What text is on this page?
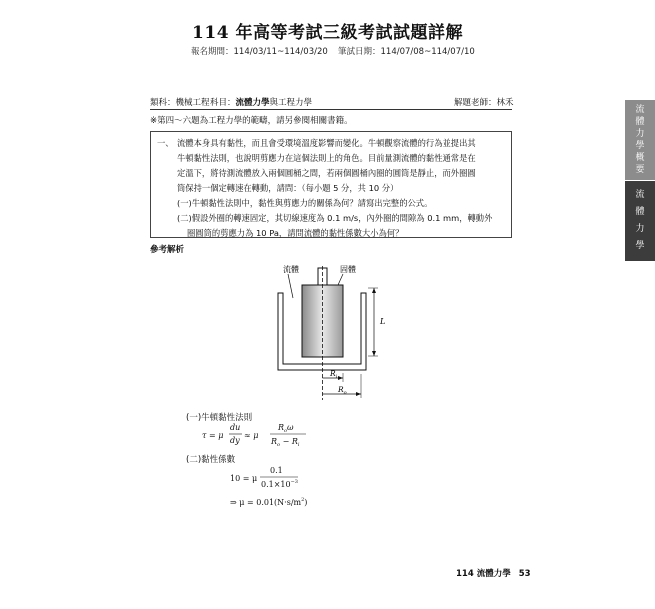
114 年高等考試三級考試試題詳解
報名期間：114/03/11~114/03/20 筆試日期：114/07/08~114/07/10
類科：機械工程 科目：流體力學與工程力學	解題老師：林禾
※第四～六題為工程力學的範疇，請另參閱相關書籍。
一、 流體本身具有黏性，而且會受環境溫度影響而變化。牛頓觀察流體的行為並提出其
牛頓黏性法則，也說明剪應力在這個法則上的角色。目前量測流體的黏性通常是在
定溫下，將待測流體放入兩個圓桶之間，若兩個圓桶內圈的圓筒是靜止，而外圈圓
筒保持一個定轉速在轉動，請問：（每小題 5 分，共 10 分）
(一)牛頓黏性法則中，黏性與剪應力的關係為何？請寫出完整的公式。
(二)假設外圈的轉速固定，其切線速度為 0.1 m/s，內外圈的間隙為 0.1 mm，轉動外
圈圓筒的剪應力為 10 Pa，請問流體的黏性係數大小為何？
參考解析
流體	固體
L
$R_i$
$R_o$
(一)牛頓黏性法則
τ = μ
du
dy
≈ μ
$R_o\omega$
$R_o - R_i$
(二)黏性係數
10 = μ
0.1
$0.1\times 10^{-3}$
⇒ $\mu = 0.01(N\cdot s/m^2)$
流
體
力
學
概
要
流
體
力
學
114 流體力學 53
